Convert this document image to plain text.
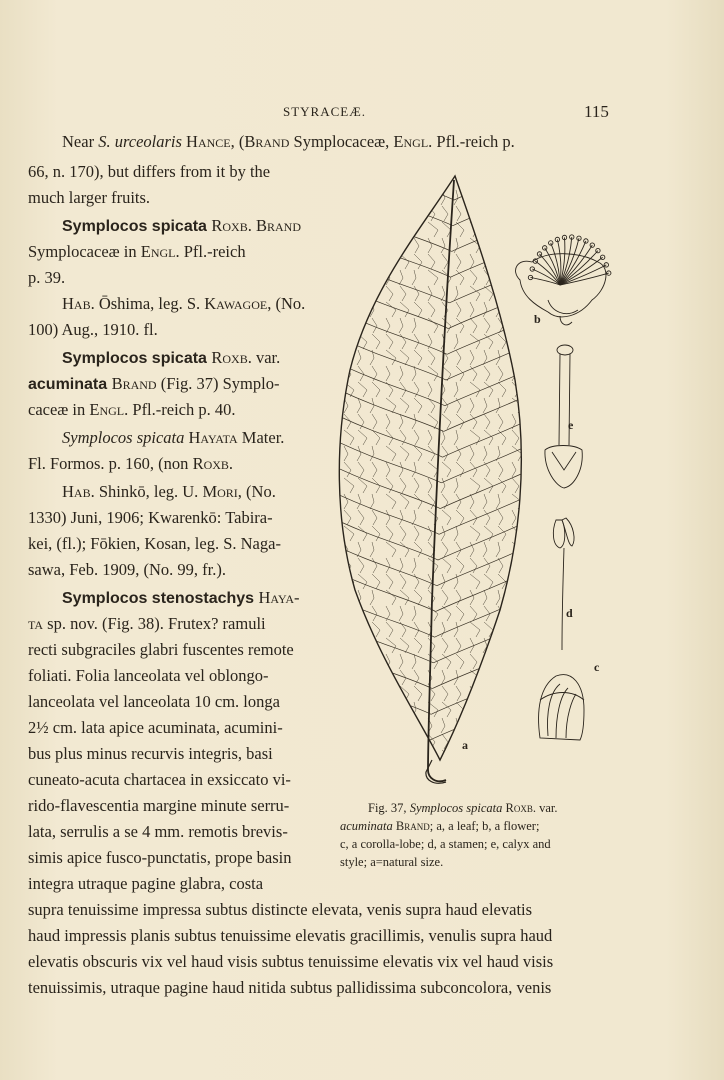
STYRACEÆ.	115
Near S. urceolaris Hance, (Brand Symplocaceæ, Engl. Pfl.-reich p.
66, n. 170), but differs from it by the
much larger fruits.
Symplocos spicata Roxb. Brand
Symplocaceæ in Engl. Pfl.-reich
p. 39.
Hab. Ōshima, leg. S. Kawagoe, (No.
100) Aug., 1910. fl.
Symplocos spicata Roxb. var.
acuminata Brand (Fig. 37) Symplo-
caceæ in Engl. Pfl.-reich p. 40.
Symplocos spicata Hayata Mater.
Fl. Formos. p. 160, (non Roxb.
Hab. Shinkō, leg. U. Mori, (No.
1330) Juni, 1906; Kwarenkō: Tabira-
kei, (fl.); Fōkien, Kosan, leg. S. Naga-
sawa, Feb. 1909, (No. 99, fr.).
Symplocos stenostachys Haya-
ta sp. nov. (Fig. 38). Frutex? ramuli
recti subgraciles glabri fuscentes remote
foliati. Folia lanceolata vel oblongo-
lanceolata vel lanceolata 10 cm. longa
2½ cm. lata apice acuminata, acumini-
bus plus minus recurvis integris, basi
cuneato-acuta chartacea in exsiccato vi-
rido-flavescentia margine minute serru-
lata, serrulis a se 4 mm. remotis brevis-
simis apice fusco-punctatis, prope basin
integra utraque pagine glabra, costa
supra tenuissime impressa subtus distincte elevata, venis supra haud elevatis
haud impressis planis subtus tenuissime elevatis gracillimis, venulis supra haud
elevatis obscuris vix vel haud visis subtus tenuissime elevatis vix vel haud visis
tenuissimis, utraque pagine haud nitida subtus pallidissima subconcolora, venis
Fig. 37, Symplocos spicata Roxb. var.
acuminata Brand; a, a leaf; b, a flower;
c, a corolla-lobe; d, a stamen; e, calyx and
style; a=natural size.
a
b
c
d
e
